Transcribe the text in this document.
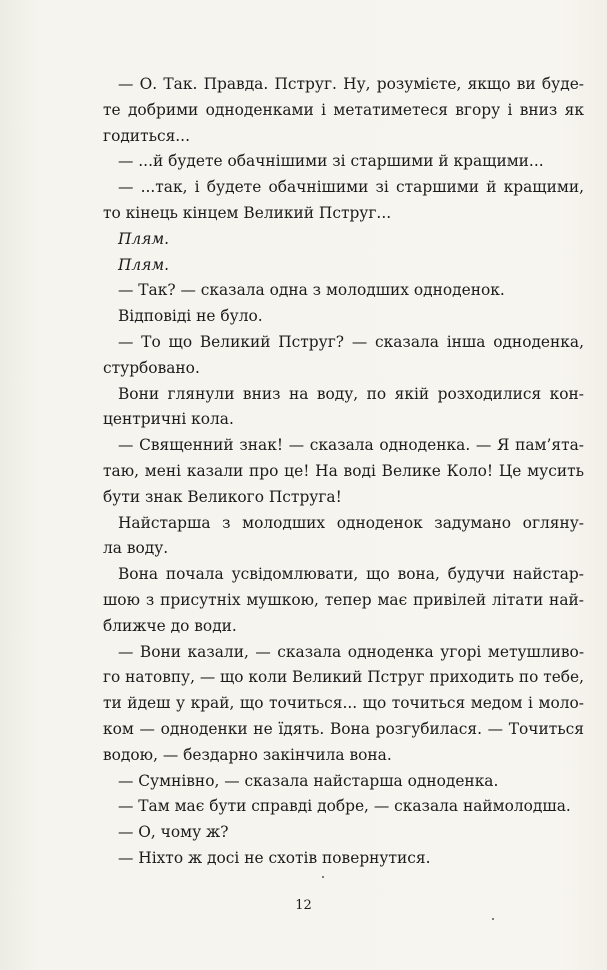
— О. Так. Правда. Пструг. Ну, розумієте, якщо ви буде-
те добрими одноденками і метатиметеся вгору і вниз як
годиться...

— ...й будете обачнішими зі старшими й кращими...

— ...так, і будете обачнішими зі старшими й кращими,
то кінець кінцем Великий Пструг...

Плям.

Плям.

— Так? — сказала одна з молодших одноденок.

Відповіді не було.

— То що Великий Пструг? — сказала інша одноденка,
стурбовано.

Вони глянули вниз на воду, по якій розходилися кон-
центричні кола.

— Священний знак! — сказала одноденка. — Я пам’ята-
таю, мені казали про це! На воді Велике Коло! Це мусить
бути знак Великого Пструга!

Найстарша з молодших одноденок задумано огляну-
ла воду.

Вона почала усвідомлювати, що вона, будучи найстар-
шою з присутніх мушкою, тепер має привілей літати най-
ближче до води.

— Вони казали, — сказала одноденка угорі метушливо-
го натовпу, — що коли Великий Пструг приходить по тебе,
ти йдеш у край, що точиться... що точиться медом і моло-
ком — одноденки не їдять. Вона розгубилася. — Точиться
водою, — бездарно закінчила вона.

— Сумнівно, — сказала найстарша одноденка.

— Там має бути справді добре, — сказала наймолодша.

— О, чому ж?

— Ніхто ж досі не схотів повернутися.

12
